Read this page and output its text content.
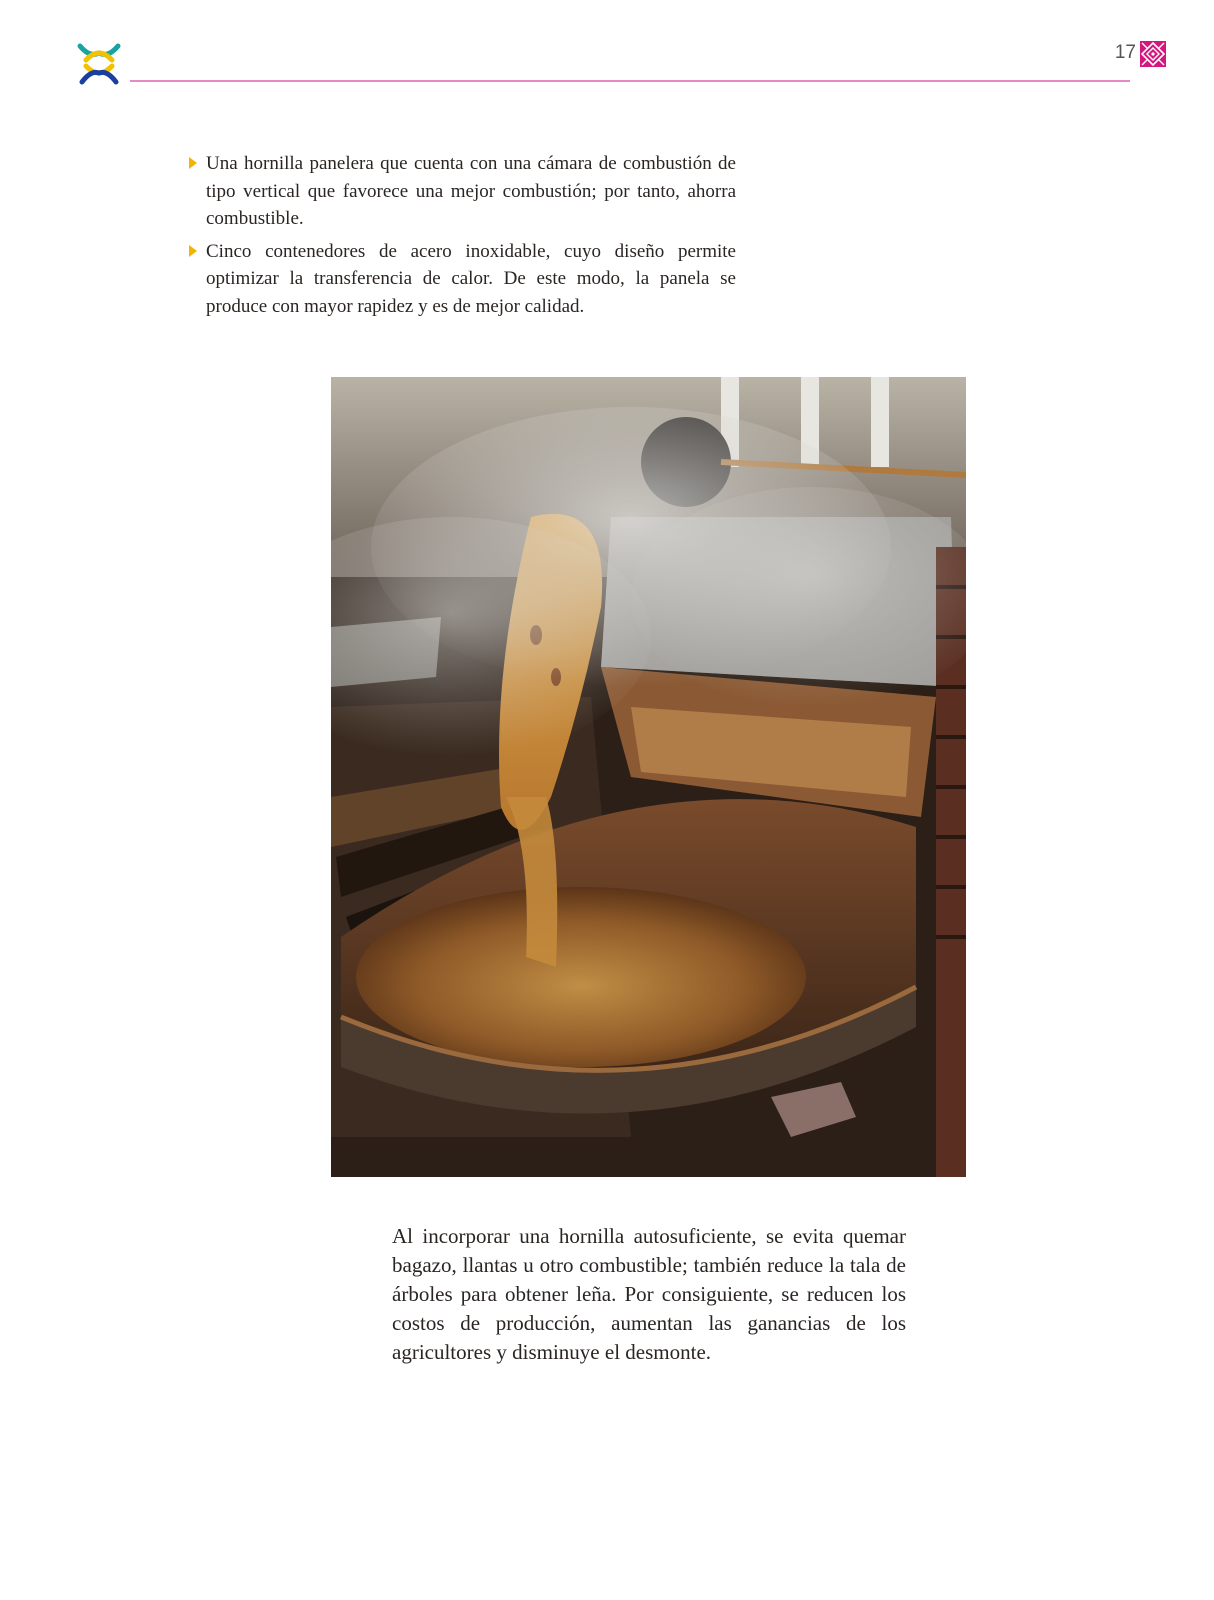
17
Una hornilla panelera que cuenta con una cámara de combustión de tipo vertical que favorece una mejor combustión; por tanto, ahorra combustible.
Cinco contenedores de acero inoxidable, cuyo diseño permite optimizar la transferencia de calor. De este modo, la panela se produce con mayor rapidez y es de mejor calidad.

Al incorporar una hornilla autosuficiente, se evita quemar bagazo, llantas u otro combustible; también reduce la tala de árboles para obtener leña. Por consiguiente, se reducen los costos de producción, aumentan las ganancias de los agricultores y disminuye el desmonte.
